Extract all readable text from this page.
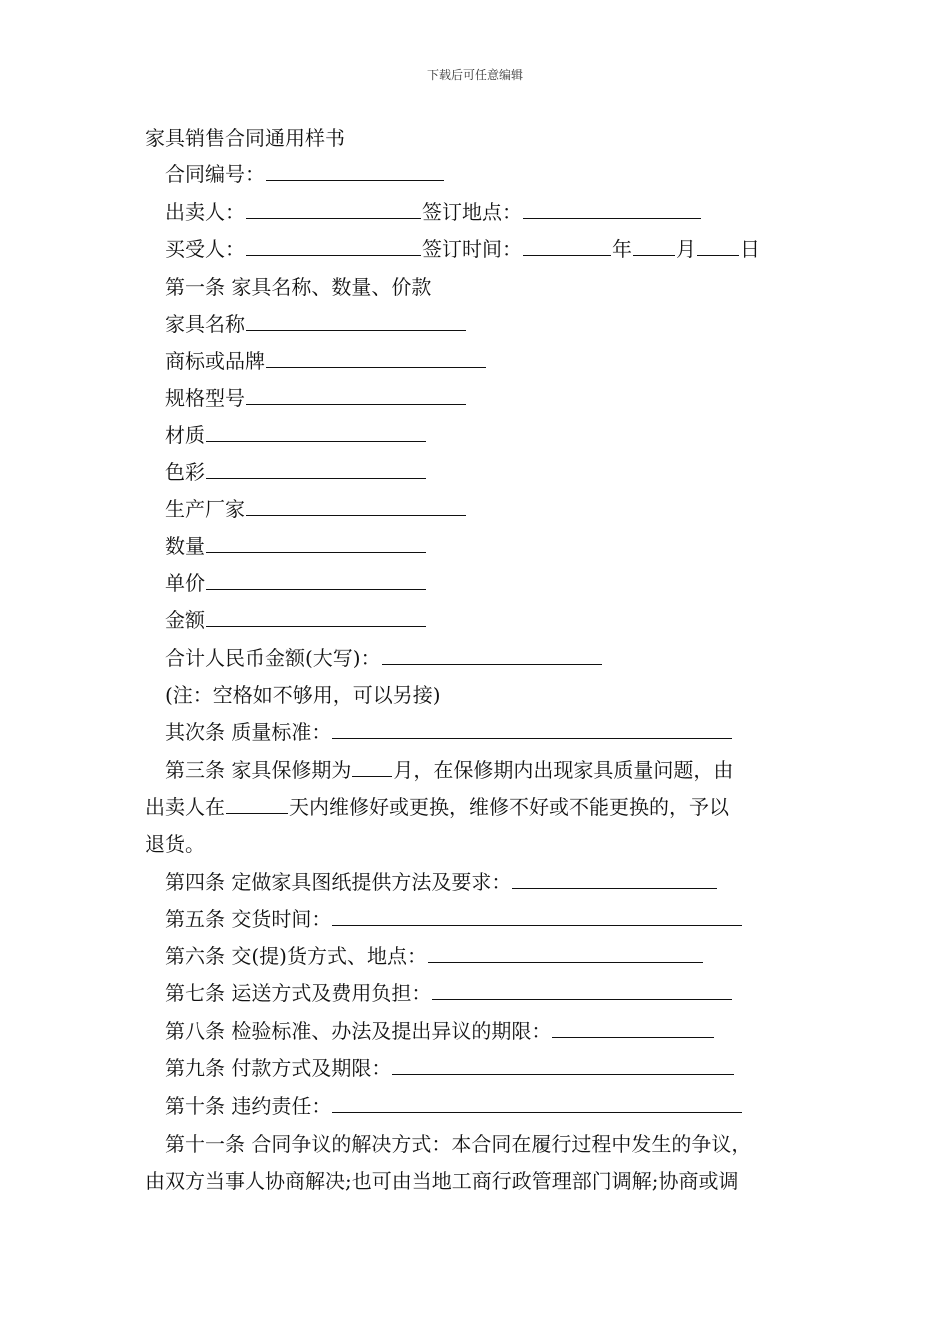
下载后可任意编辑
家具销售合同通用样书
合同编号：
出卖人：	签订地点：
买受人：	签订时间：	年 月 日
第一条 家具名称、数量、价款
家具名称
商标或品牌
规格型号
材质
色彩
生产厂家
数量
单价
金额
合计人民币金额(大写)：
(注：空格如不够用，可以另接)
其次条 质量标准：
第三条 家具保修期为 月，在保修期内出现家具质量问题，由
出卖人在	天内维修好或更换，维修不好或不能更换的，予以
退货。
第四条 定做家具图纸提供方法及要求：
第五条 交货时间：
第六条 交(提)货方式、地点：
第七条 运送方式及费用负担：
第八条 检验标准、办法及提出异议的期限：
第九条 付款方式及期限：
第十条 违约责任：
第十一条 合同争议的解决方式：本合同在履行过程中发生的争议，
由双方当事人协商解决;也可由当地工商行政管理部门调解;协商或调
